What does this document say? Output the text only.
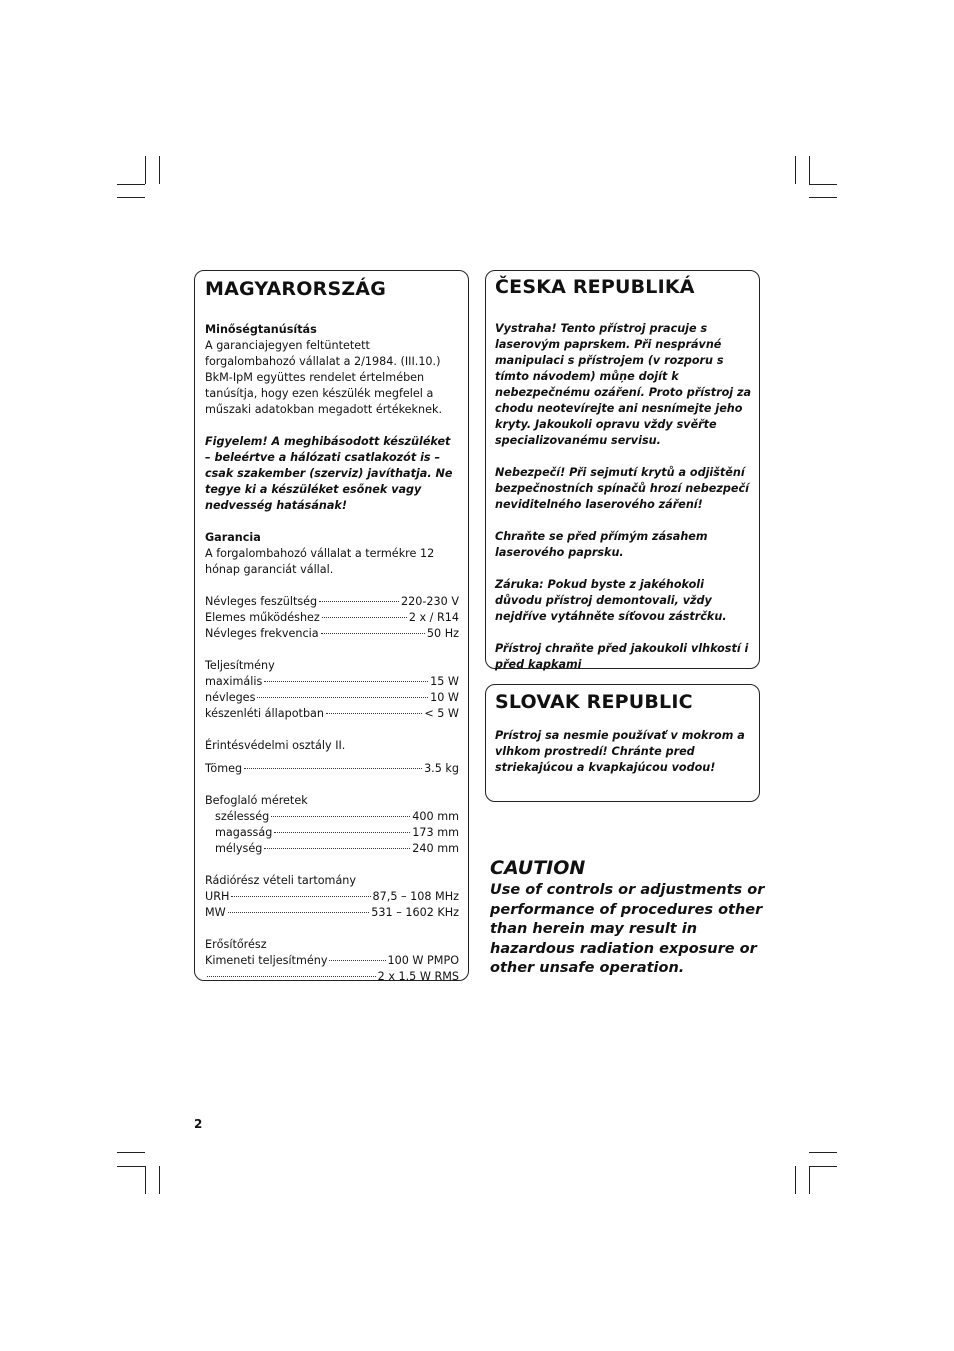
MAGYARORSZÁG

Minőségtanúsítás

A garanciajegyen feltüntetett forgalombahozó vállalat a 2/1984. (III.10.) BkM-IpM együttes rendelet értelmében tanúsítja, hogy ezen készülék megfelel a műszaki adatokban megadott értékeknek.

Figyelem! A meghibásodott készüléket – beleértve a hálózati csatlakozót is – csak szakember (szerviz) javíthatja. Ne tegye ki a készüléket esőnek vagy nedvesség hatásának!

Garancia

A forgalombahozó vállalat a termékre 12 hónap garanciát vállal.

Névleges feszültség	220-230 V
Elemes működéshez	2 x / R14
Névleges frekvencia	50 Hz

Teljesítmény

maximális	15 W
névleges	10 W
készenléti állapotban	< 5 W

Érintésvédelmi osztály II.

Tömeg	3.5 kg

Befoglaló méretek

szélesség	400 mm
magasság	173 mm
mélység	240 mm

Rádiórész vételi tartomány

URH	87,5 – 108 MHz
MW	531 – 1602 KHz

Erősítőrész

Kimeneti teljesítmény	100 W PMPO
2 x 1.5 W RMS
ČESKA REPUBLIKÁ

Vystraha! Tento přístroj pracuje s laserovým paprskem. Při nesprávné manipulaci s přístrojem (v rozporu s tímto návodem) můņe dojít k nebezpečnému ozáření. Proto přístroj za chodu neotevírejte ani nesnímejte jeho kryty. Jakoukoli opravu vždy svěřte specializovanému servisu.

Nebezpečí! Při sejmutí krytů a odjištění bezpečnostních spínačů hrozí nebezpečí neviditelného laserového záření!

Chraňte se před přímým zásahem laserového paprsku.

Záruka: Pokud byste z jakéhokoli důvodu přístroj demontovali, vždy nejdříve vytáhněte síťovou zástrčku.

Přístroj chraňte před jakoukoli vlhkostí i před kapkami

SLOVAK REPUBLIC

Prístroj sa nesmie používať v mokrom a vlhkom prostredí! Chránte pred striekajúcou a kvapkajúcou vodou!

CAUTION

Use of controls or adjustments or performance of procedures other than herein may result in hazardous radiation exposure or other unsafe operation.

2
